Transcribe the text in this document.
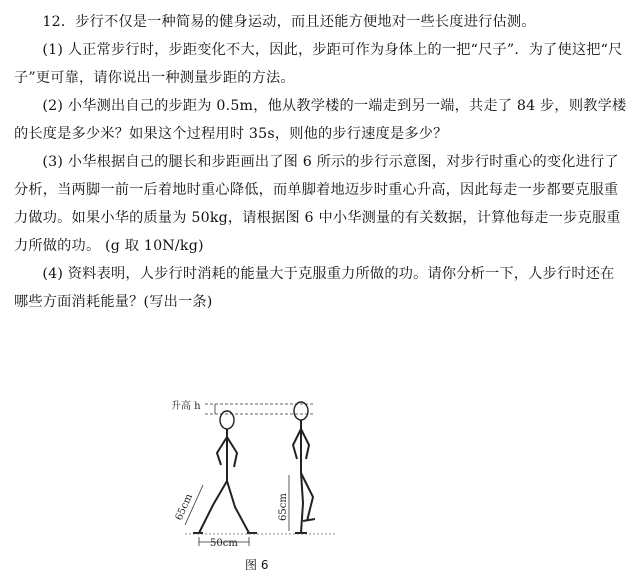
12．步行不仅是一种简易的健身运动，而且还能方便地对一些长度进行估测。

(1) 人正常步行时，步距变化不大，因此，步距可作为身体上的一把“尺子”．为了使这把“尺子”更可靠，请你说出一种测量步距的方法。

(2) 小华测出自己的步距为 0.5m，他从教学楼的一端走到另一端，共走了 84 步，则教学楼的长度是多少米？如果这个过程用时 35s，则他的步行速度是多少？

(3) 小华根据自己的腿长和步距画出了图 6 所示的步行示意图，对步行时重心的变化进行了分析，当两脚一前一后着地时重心降低，而单脚着地迈步时重心升高，因此每走一步都要克服重力做功。如果小华的质量为 50kg，请根据图 6 中小华测量的有关数据，计算他每走一步克服重力所做的功。 (g 取 10N/kg)

(4) 资料表明，人步行时消耗的能量大于克服重力所做的功。请你分析一下，人步行时还在哪些方面消耗能量？(写出一条)

升高 h
65cm	65cm
50cm
图 6
